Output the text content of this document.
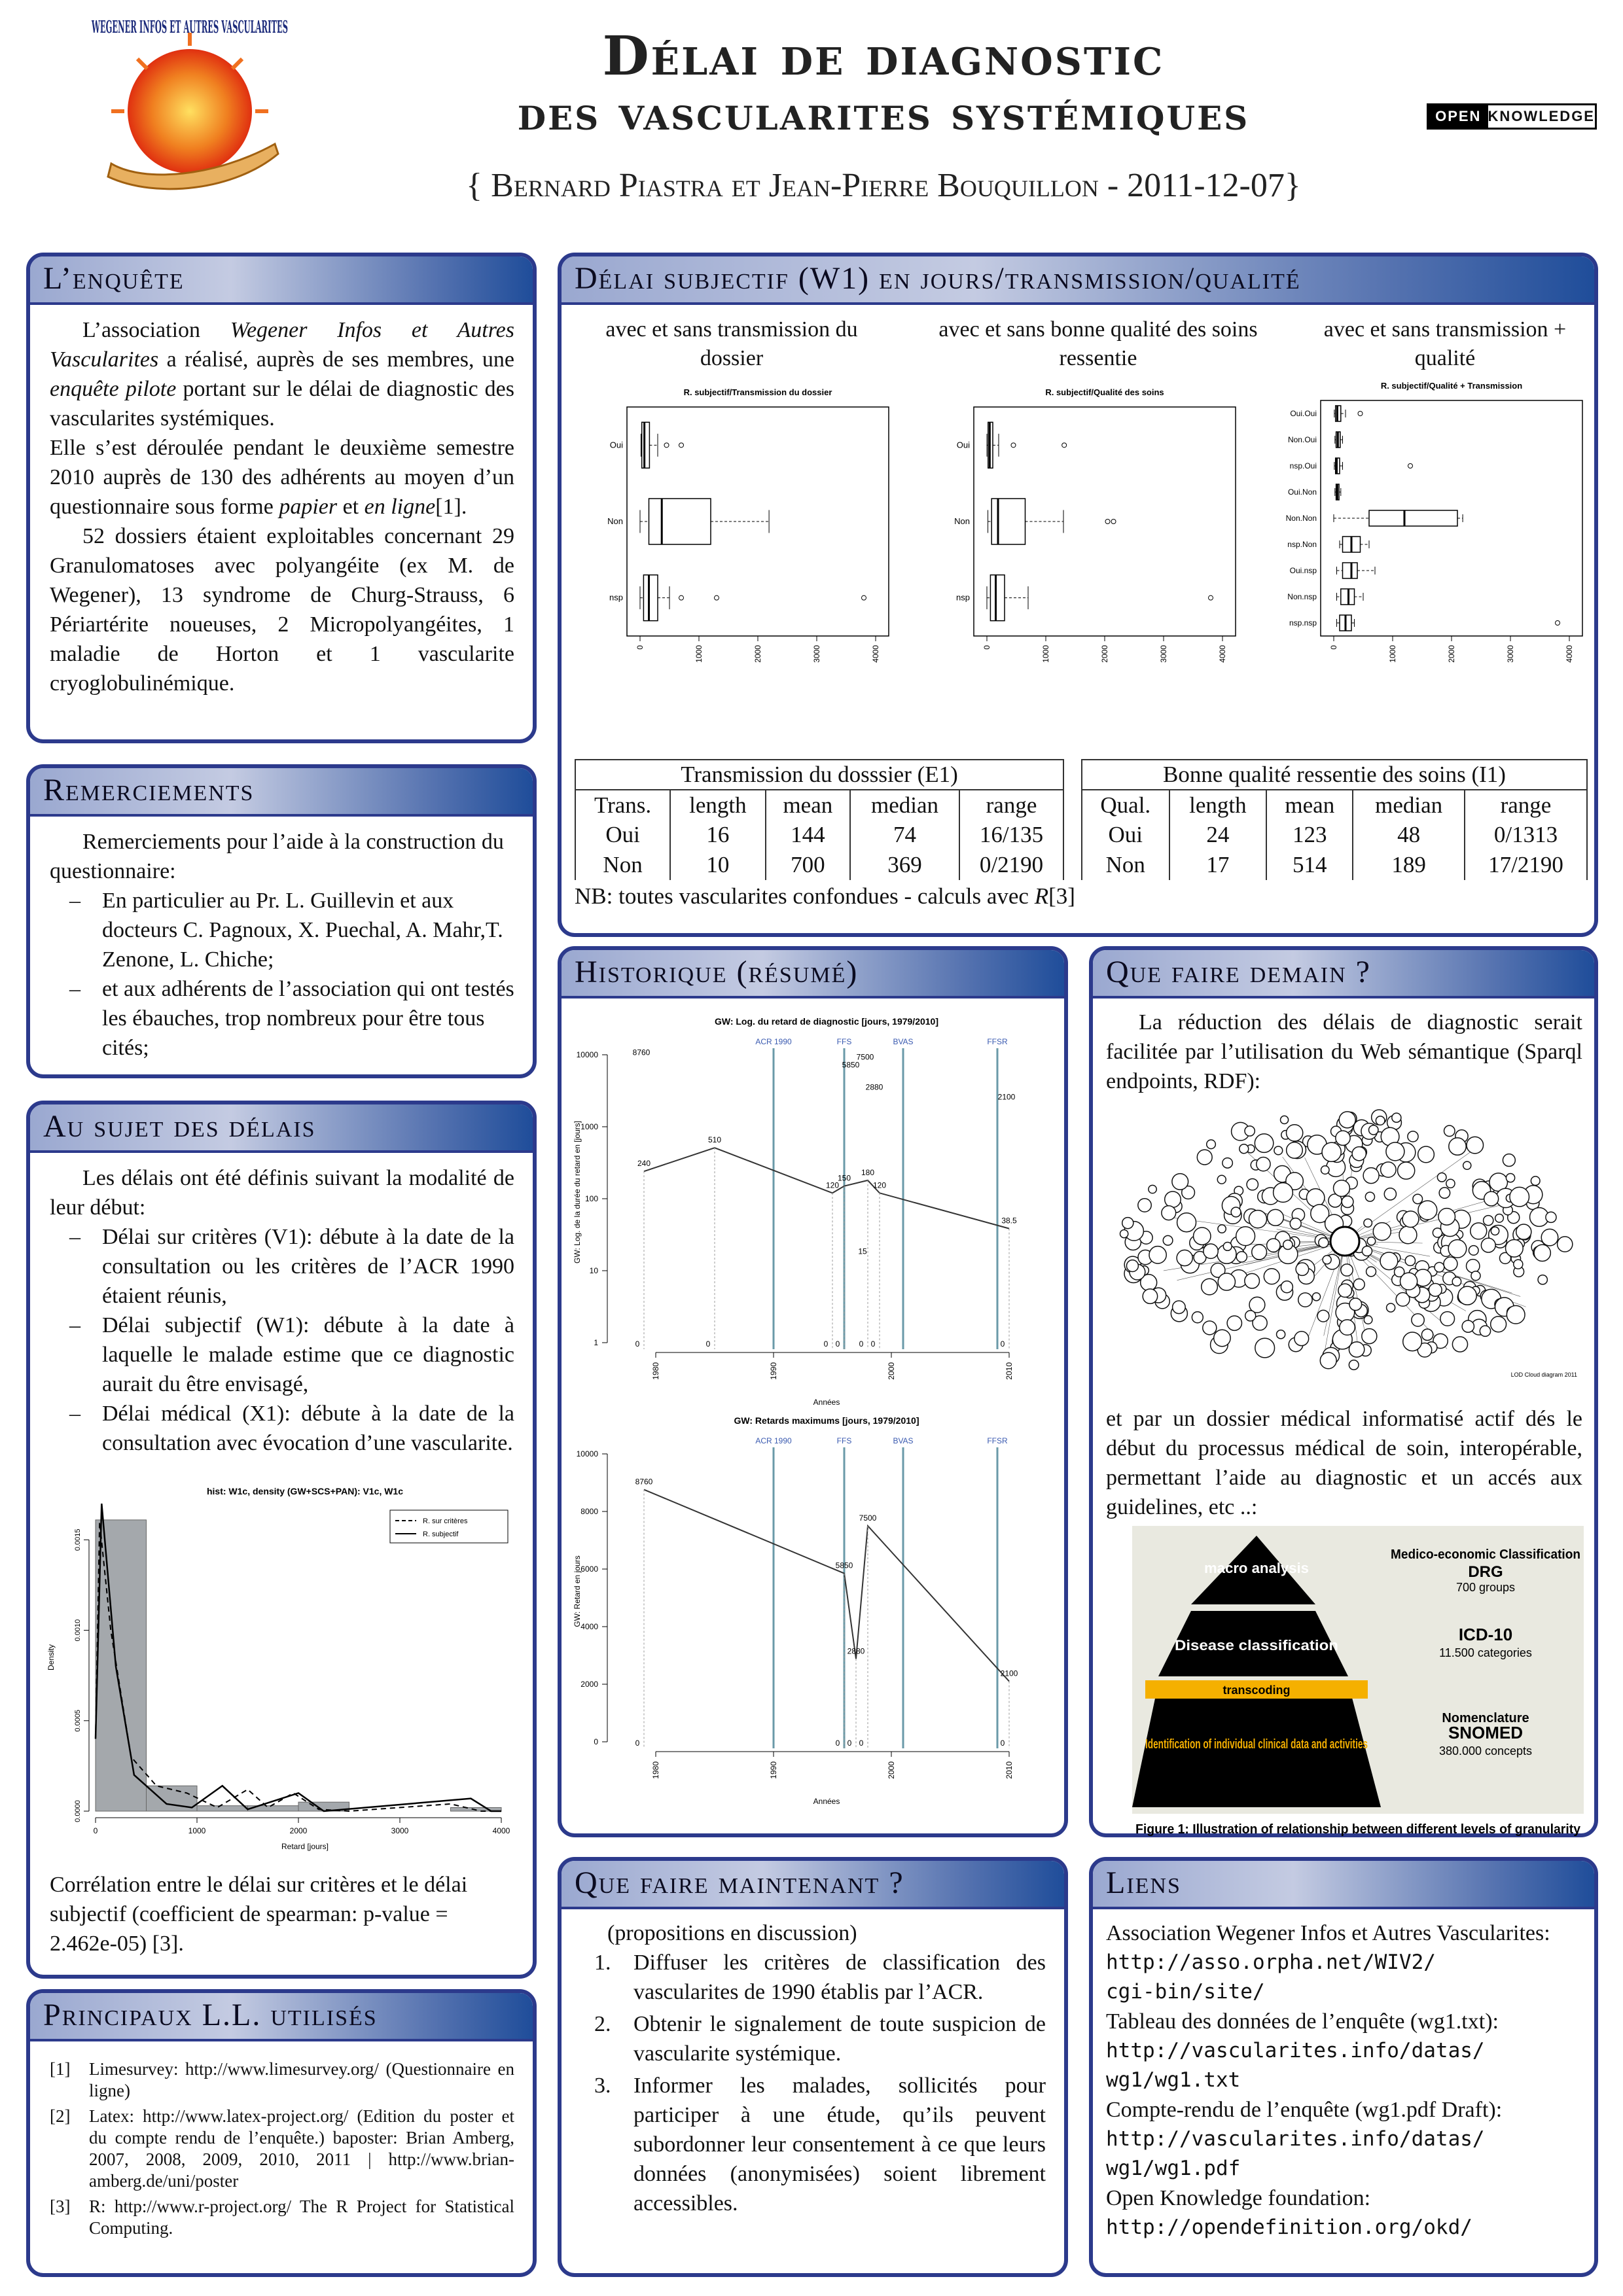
WEGENER INFOS ET AUTRES VASCULARITES	Délai de diagnostic
des vascularites systémiques
{ Bernard Piastra et Jean-Pierre Bouquillon - 2011-12-07}
OPEN KNOWLEDGE
L’enquête

L’association Wegener Infos et Autres Vascularites a réalisé, auprès de ses membres, une enquête pilote portant sur le délai de diagnostic des vascularites systémiques.

Elle s’est déroulée pendant le deuxième semestre 2010 auprès de 130 des adhérents au moyen d’un questionnaire sous forme papier et en ligne[1].

52 dossiers étaient exploitables concernant 29 Granulomatoses avec polyangéite (ex M. de Wegener), 13 syndrome de Churg-Strauss, 6 Périartérite noueuses, 2 Micropolyangéites, 1 maladie de Horton et 1 vascularite cryoglobulinémique.

Remerciements

Remerciements pour l’aide à la construction du questionnaire:

– En particulier au Pr. L. Guillevin et aux docteurs C. Pagnoux, X. Puechal, A. Mahr,T. Zenone, L. Chiche;
– et aux adhérents de l’association qui ont testés les ébauches, trop nombreux pour être tous cités;
Au sujet des délais

Les délais ont été définis suivant la modalité de leur début:

– Délai sur critères (V1): débute à la date de la consultation ou les critères de l’ACR 1990 étaient réunis,
– Délai subjectif (W1): débute à la date à laquelle le malade estime que ce diagnostic aurait du être envisagé,
– Délai médical (X1): débute à la date de la consultation avec évocation d’une vascularite.
hist: W1c, density (GW+SCS+PAN): V1c, W1c
0.0000
0.0005
0.0010
0.0015
0	1000	2000	3000	4000
Retard [jours]
Density
R. sur critères
R. subjectif
Corrélation entre le délai sur critères et le délai subjectif (coefficient de spearman: p-value = 2.462e-05) [3].
Principaux L.L. utilisés
[1] Limesurvey: http://www.limesurvey.org/ (Questionnaire en ligne)
[2] Latex: http://www.latex-project.org/ (Edition du poster et du compte rendu de l’enquête.) baposter: Brian Amberg, 2007, 2008, 2009, 2010, 2011 | http://www.brian-amberg.de/uni/poster
[3] R: http://www.r-project.org/ The R Project for Statistical Computing.
Délai subjectif (W1) en jours/transmission/qualité
avec et sans transmission du dossier
avec et sans bonne qualité des soins ressentie
avec et sans transmission + qualité
R. subjectif/Transmission du dossier
0	1000	2000	3000	4000
Oui
Non
nsp
R. subjectif/Qualité des soins
0	1000	2000	3000	4000
Oui
Non
nsp
R. subjectif/Qualité + Transmission
0	1000	2000	3000	4000
Oui.Oui
Non.Oui
nsp.Oui
Oui.Non
Non.Non
nsp.Non
Oui.nsp
Non.nsp
nsp.nsp
Transmission du dosssier (E1)				
Trans.	length	mean	median	range
Oui	16	144	74	16/135
Non	10	700	369	0/2190
Bonne qualité ressentie des soins (I1)				
Qual.	length	mean	median	range
Oui	24	123	48	0/1313
Non	17	514	189	17/2190
NB: toutes vascularites confondues - calculs avec R[3]
Historique (résumé)
GW: Log. du retard de diagnostic [jours, 1979/2010]
1
10
100
1000
10000
1980	1990	2000	2010
Années
GW: Log. de la durée du retard en [jours]
ACR 1990	FFS	BVAS	FFSR
240
0
510
0
120
0
150
0
180
0
120
0
38.5
0
8760
5850
7500
2880
2100
15
GW: Retards maximums [jours, 1979/2010]
0
2000
4000
6000
8000
10000
1980	1990	2000	2010
Années
GW: Retard en jours
ACR 1990	FFS	BVAS	FFSR
8760
0
5850
0
2880
0
7500
0
2100
0
Que faire demain ?

La réduction des délais de diagnostic serait facilitée par l’utilisation du Web sémantique (Sparql endpoints, RDF):

LOD Cloud diagram 2011

et par un dossier médical informatisé actif dés le début du processus médical de soin, interopérable, permettant l’aide au diagnostic et un accés aux guidelines, etc ..:

macro analysis
Disease classification
transcoding
Identification of individual clinical data and activities
Medico-economic Classification
DRG
700 groups
ICD-10
11.500 categories
Nomenclature
SNOMED
380.000 concepts
Figure 1: Illustration of relationship between different levels of granularity
Que faire maintenant ?

(propositions en discussion)

1. Diffuser les critères de classification des vascularites de 1990 établis par l’ACR.
2. Obtenir le signalement de toute suspicion de vascularite systémique.
3. Informer les malades, sollicités pour participer à une étude, qu’ils peuvent subordonner leur consentement à ce que leurs données (anonymisées) soient librement accessibles.
Liens

Association Wegener Infos et Autres Vascularites:

http://asso.orpha.net/WIV2/
cgi-bin/site/

Tableau des données de l’enquête (wg1.txt):

http://vascularites.info/datas/
wg1/wg1.txt

Compte-rendu de l’enquête (wg1.pdf Draft):

http://vascularites.info/datas/
wg1/wg1.pdf

Open Knowledge foundation:

http://opendefinition.org/okd/
